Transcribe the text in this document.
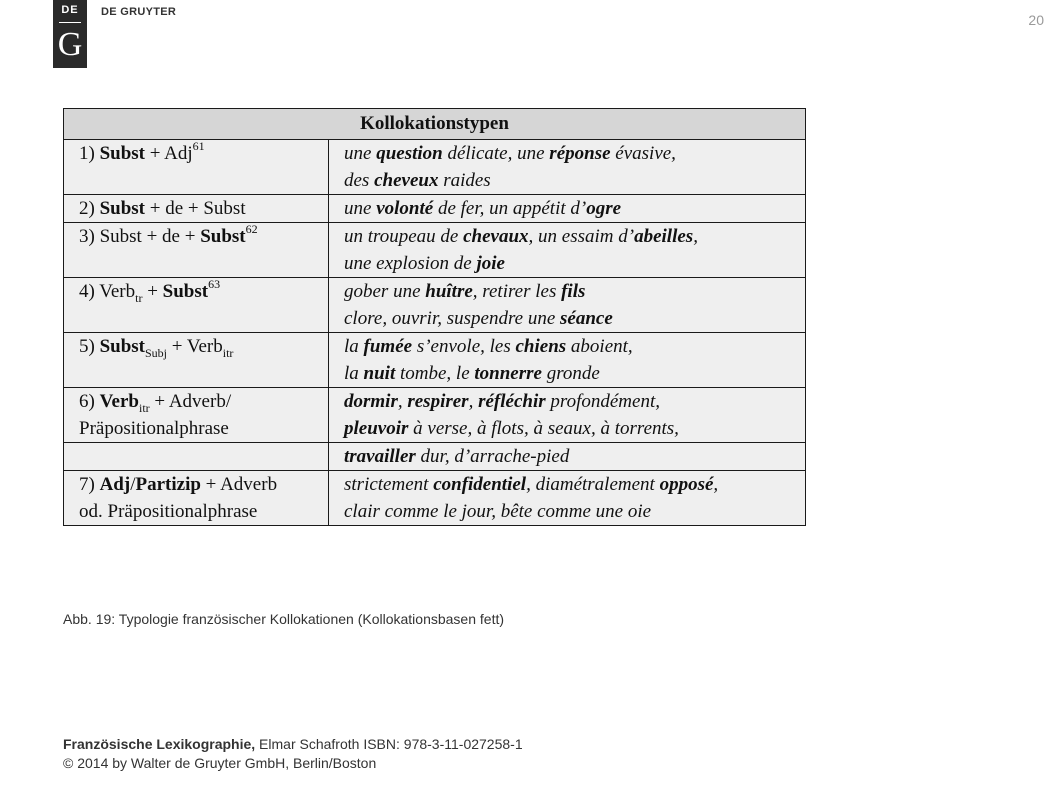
DE
G
DE GRUYTER	20
Kollokationstypen	
1) Subst + Adj$^{61}$	une question délicate, une réponse évasive,
des cheveux raides
2) Subst + de + Subst	une volonté de fer, un appétit d’ogre
3) Subst + de + Subst$^{62}$	un troupeau de chevaux, un essaim d’abeilles,
une explosion de joie
4) Verb$_{tr}$ + Subst$^{63}$	gober une huître, retirer les fils
clore, ouvrir, suspendre une séance
5) Subst$_{Subj}$ + Verb$_{itr}$	la fumée s’envole, les chiens aboient,
la nuit tombe, le tonnerre gronde
6) Verb$_{itr}$ + Adverb/
Präpositionalphrase	dormir, respirer, réfléchir profondément,
pleuvoir à verse, à flots, à seaux, à torrents,
	travailler dur, d’arrache-pied
7) Adj/Partizip + Adverb
od. Präpositionalphrase	strictement confidentiel, diamétralement opposé,
clair comme le jour, bête comme une oie
Abb. 19: Typologie französischer Kollokationen (Kollokationsbasen fett)
Französische Lexikographie, Elmar Schafroth ISBN: 978-3-11-027258-1
© 2014 by Walter de Gruyter GmbH, Berlin/Boston
